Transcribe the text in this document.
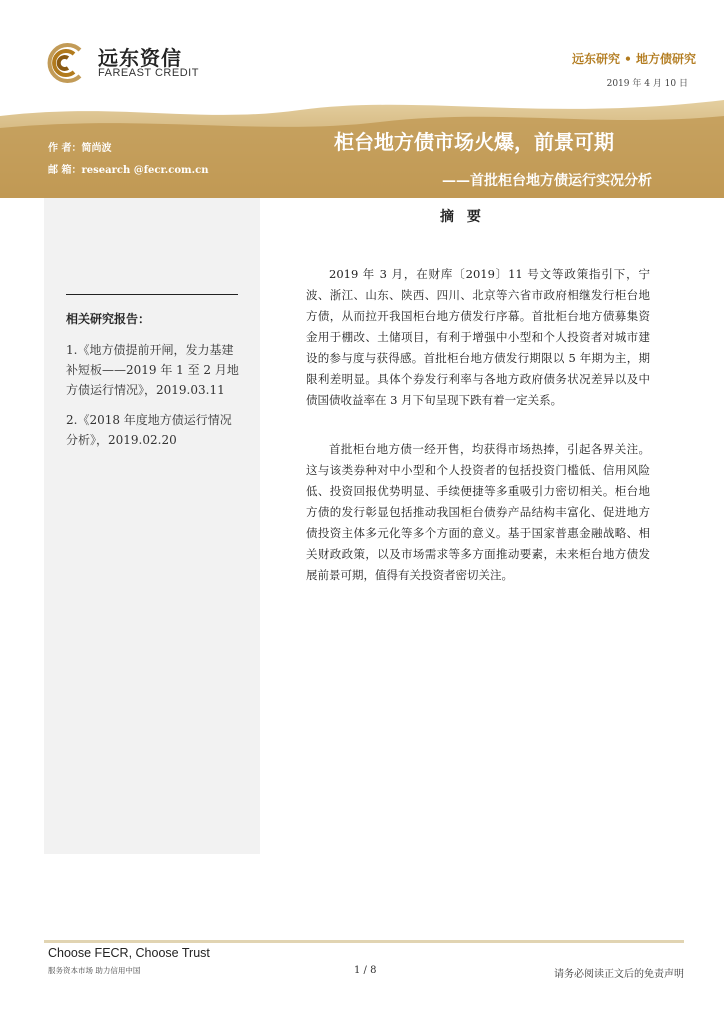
远东资信
FAREAST CREDIT
远东研究 • 地方债研究
2019 年 4 月 10 日
作 者：简尚波
邮 箱：research @fecr.com.cn
柜台地方债市场火爆，前景可期
——首批柜台地方债运行实况分析
相关研究报告：
1.《地方债提前开闸，发力基建补短板——2019 年 1 至 2 月地方债运行情况》，2019.03.11
2.《2018 年度地方债运行情况分析》，2019.02.20
摘 要

2019 年 3 月，在财库〔2019〕11 号文等政策指引下，宁波、浙江、山东、陕西、四川、北京等六省市政府相继发行柜台地方债，从而拉开我国柜台地方债发行序幕。首批柜台地方债募集资金用于棚改、土储项目，有利于增强中小型和个人投资者对城市建设的参与度与获得感。首批柜台地方债发行期限以 5 年期为主，期限利差明显。具体个券发行利率与各地方政府债务状况差异以及中债国债收益率在 3 月下旬呈现下跌有着一定关系。

首批柜台地方债一经开售，均获得市场热捧，引起各界关注。这与该类券种对中小型和个人投资者的包括投资门槛低、信用风险低、投资回报优势明显、手续便捷等多重吸引力密切相关。柜台地方债的发行彰显包括推动我国柜台债券产品结构丰富化、促进地方债投资主体多元化等多个方面的意义。基于国家普惠金融战略、相关财政政策，以及市场需求等多方面推动要素，未来柜台地方债发展前景可期，值得有关投资者密切关注。

Choose FECR, Choose Trust
服务资本市场 助力信用中国	1 / 8	请务必阅读正文后的免责声明
